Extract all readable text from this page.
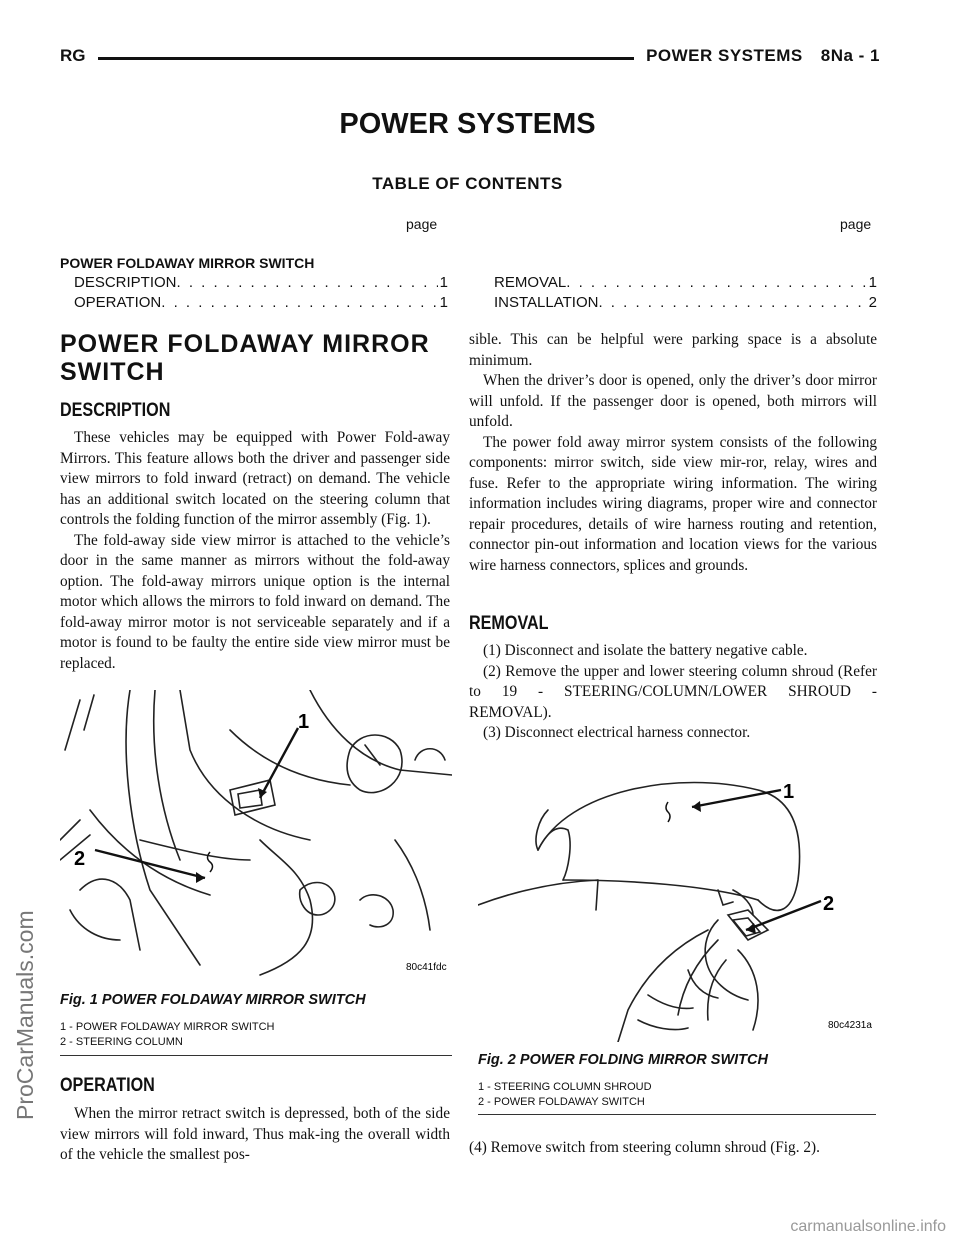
RG	POWER SYSTEMS 8Na - 1
POWER SYSTEMS
TABLE OF CONTENTS
page	page
POWER FOLDAWAY MIRROR SWITCH
DESCRIPTION . . .	1
OPERATION . . .	1
REMOVAL . . .	1
INSTALLATION . . .	2
POWER FOLDAWAY MIRROR SWITCH
DESCRIPTION

These vehicles may be equipped with Power Fold-away Mirrors. This feature allows both the driver and passenger side view mirrors to fold inward (retract) on demand. The vehicle has an additional switch located on the steering column that controls the folding function of the mirror assembly (Fig. 1).

The fold-away side view mirror is attached to the vehicle’s door in the same manner as mirrors without the fold-away option. The fold-away mirrors unique option is the internal motor which allows the mirrors to fold inward on demand. The fold-away mirror motor is not serviceable separately and if a motor is found to be faulty the entire side view mirror must be replaced.

1
2
80c41fdc
Fig. 1 POWER FOLDAWAY MIRROR SWITCH
1 - POWER FOLDAWAY MIRROR SWITCH
2 - STEERING COLUMN
OPERATION

When the mirror retract switch is depressed, both of the side view mirrors will fold inward, Thus mak-ing the overall width of the vehicle the smallest pos-

sible. This can be helpful were parking space is a absolute minimum.

When the driver’s door is opened, only the driver’s door mirror will unfold. If the passenger door is opened, both mirrors will unfold.

The power fold away mirror system consists of the following components: mirror switch, side view mir-ror, relay, wires and fuse. Refer to the appropriate wiring information. The wiring information includes wiring diagrams, proper wire and connector repair procedures, details of wire harness routing and retention, connector pin-out information and location views for the various wire harness connectors, splices and grounds.

REMOVAL

(1) Disconnect and isolate the battery negative cable.

(2) Remove the upper and lower steering column shroud (Refer to 19 - STEERING/COLUMN/LOWER SHROUD - REMOVAL).

(3) Disconnect electrical harness connector.

1
2
80c4231a
Fig. 2 POWER FOLDING MIRROR SWITCH
1 - STEERING COLUMN SHROUD
2 - POWER FOLDAWAY SWITCH

(4) Remove switch from steering column shroud (Fig. 2).

ProCarManuals.com
carmanualsonline.info
